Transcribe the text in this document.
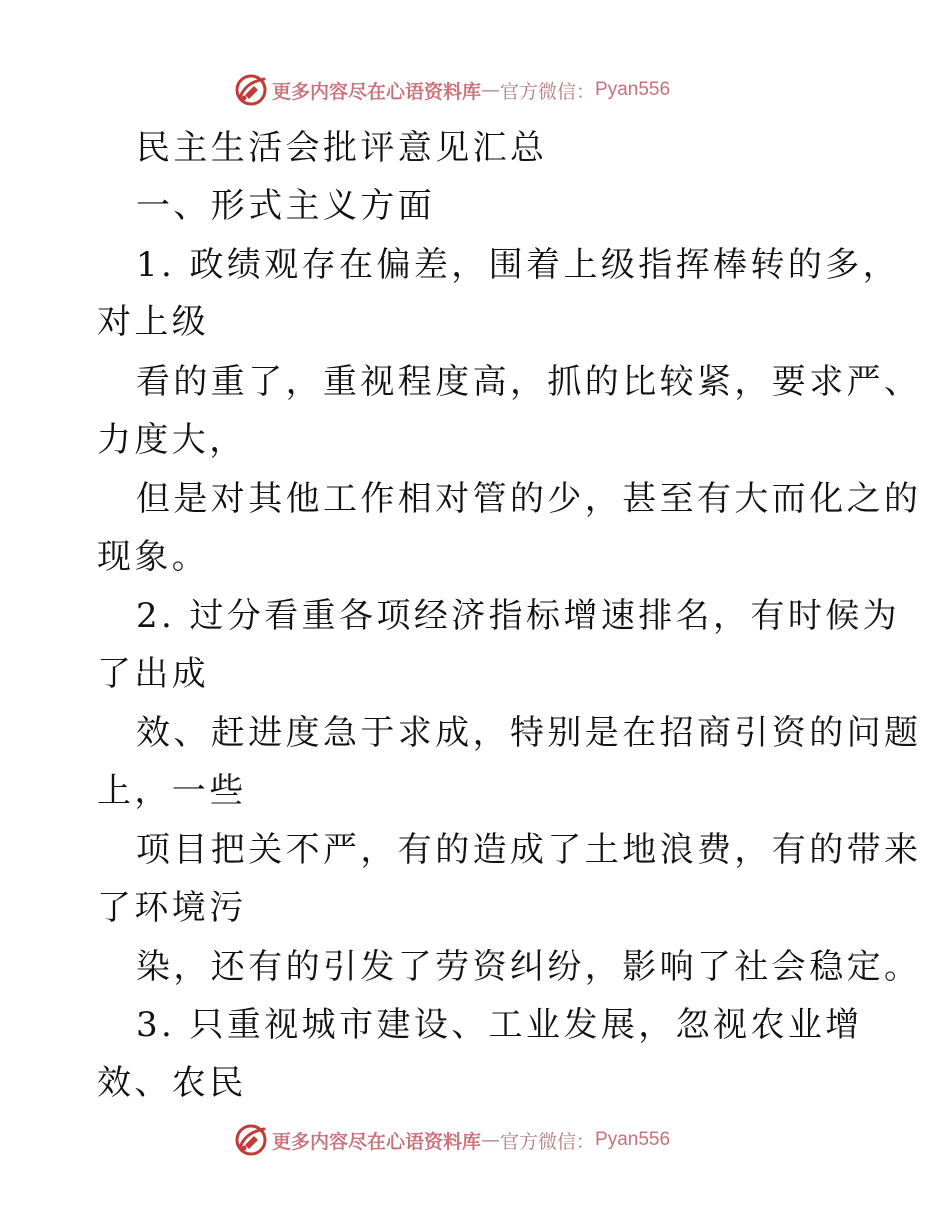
更多内容尽在心语资料库 — 官方微信： Pyan556
民主生活会批评意见汇总
一、形式主义方面
1. 政绩观存在偏差，围着上级指挥棒转的多，
对上级
看的重了，重视程度高，抓的比较紧，要求严、
力度大，
但是对其他工作相对管的少，甚至有大而化之的
现象。
2. 过分看重各项经济指标增速排名，有时候为
了出成
效、赶进度急于求成，特别是在招商引资的问题
上，一些
项目把关不严，有的造成了土地浪费，有的带来
了环境污
染，还有的引发了劳资纠纷，影响了社会稳定。
3. 只重视城市建设、工业发展，忽视农业增
效、农民
更多内容尽在心语资料库 — 官方微信： Pyan556
